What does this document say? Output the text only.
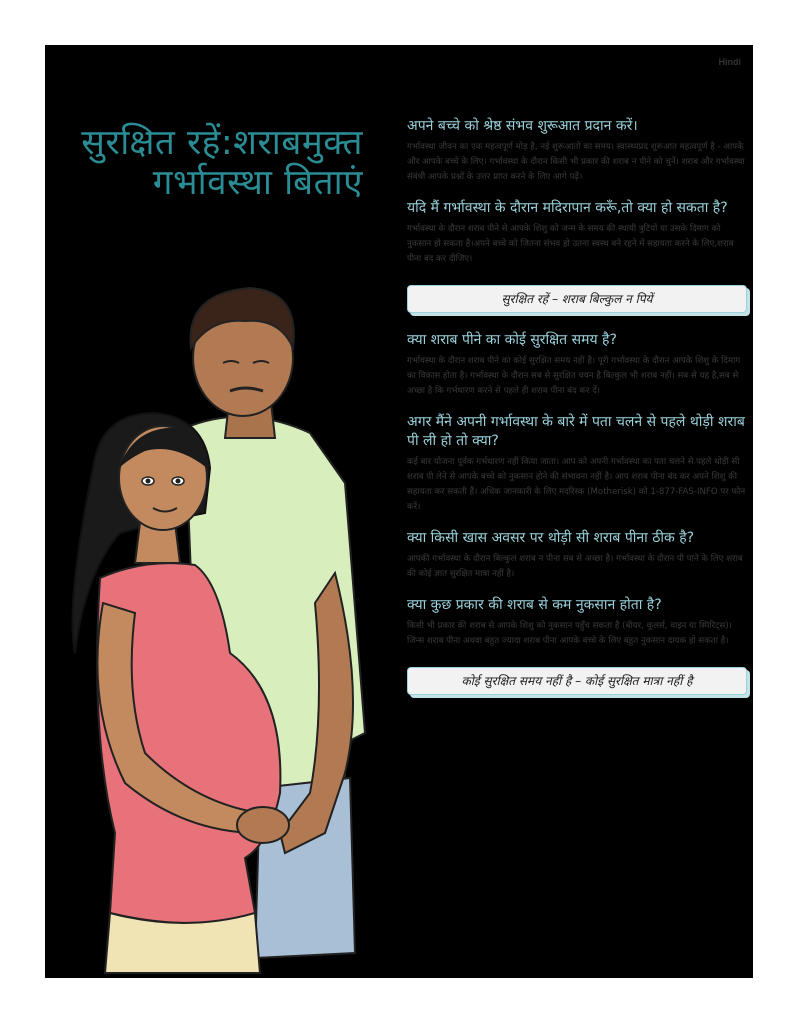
Hindi
सुरक्षित रहें:शराबमुक्त
गर्भावस्था बिताएं
अपने बच्चे को श्रेष्ठ संभव शुरूआत प्रदान करें।

गर्भावस्था जीवन का एक महत्वपूर्ण मोड़ है, नई शुरूआतों का समय। स्वास्थ्यप्रद शुरूआत महत्वपूर्ण है - आपके और आपके बच्चे के लिए। गर्भावस्था के दौरान किसी भी प्रकार की शराब न पीने को चुनें। शराब और गर्भावस्था संबंधी आपके प्रश्नों के उत्तर प्राप्त करने के लिए आगे पढ़ें।

यदि मैं गर्भावस्था के दौरान मदिरापान करूँ,तो क्या हो सकता है?

गर्भावस्था के दौरान शराब पीने से आपके शिशु को जन्म के समय की स्थायी त्रुटियों या उसके दिमाग को नुकसान हो सकता है।अपने बच्चे को जितना संभव हो उतना स्वस्थ बने रहने में सहायता करने के लिए,शराब पीना बंद कर दीजिए।

सुरक्षित रहें – शराब बिल्कुल न पियें
क्या शराब पीने का कोई सुरक्षित समय है?

गर्भावस्था के दौरान शराब पीने का कोई सुरक्षित समय नहीं है। पूरी गर्भावस्था के दौरान आपके शिशु के दिमाग का विकास होता है। गर्भावस्था के दौरान सब से सुरक्षित चयन है बिल्कुल भी शराब नहीं। सब से यह है,सब से अच्छा है कि गर्भधारण करने से पहले ही शराब पीना बंद कर दें।

अगर मैंने अपनी गर्भावस्था के बारे में पता चलने से पहले थोड़ी शराब पी ली हो तो क्या?

कई बार योजना पूर्वक गर्भधारण नहीं किया जाता। आप को अपनी गर्भावस्था का पता चलने से पहले थोड़ी सी शराब पी लेने से आपके बच्चे को नुकसान होने की संभावना नहीं है। आप शराब पीना बंद कर अपने शिशु की सहायता कर सकती हैं। अधिक जानकारी के लिए मदरिस्क (Motherisk) को 1-877-FAS-INFO पर फोन करें।

क्या किसी खास अवसर पर थोड़ी सी शराब पीना ठीक है?

आपकी गर्भावस्था के दौरान बिल्कुल शराब न पीना सब से अच्छा है। गर्भावस्था के दौरान पी पाने के लिए शराब की कोई ज्ञात सुरक्षित मात्रा नहीं है।

क्या कुछ प्रकार की शराब से कम नुकसान होता है?

किसी भी प्रकार की शराब से आपके शिशु को नुकसान पहुँच सकता है (बीयर, कूलर्स, वाइन या स्पिरिट्स)।जिन्स शराब पीना अथवा बहुत ज्यादा शराब पीना आपके बच्चे के लिए बहुत नुकसान दायक हो सकता है।

कोई सुरक्षित समय नहीं है – कोई सुरक्षित मात्रा नहीं है
